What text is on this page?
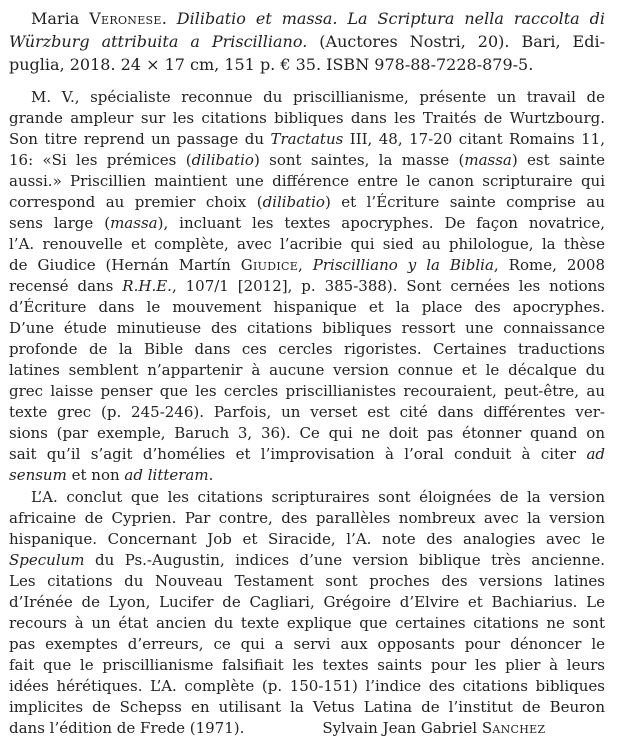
Maria Veronese. Dilibatio et massa. La Scriptura nella raccolta di
Würzburg attribuita a Priscilliano. (Auctores Nostri, 20). Bari, Edi-
puglia, 2018. 24 × 17 cm, 151 p. € 35. ISBN 978-88-7228-879-5.
M. V., spécialiste reconnue du priscillianisme, présente un travail de
grande ampleur sur les citations bibliques dans les Traités de Wurtzbourg.
Son titre reprend un passage du Tractatus III, 48, 17-20 citant Romains 11,
16: «Si les prémices (dilibatio) sont saintes, la masse (massa) est sainte
aussi.» Priscillien maintient une différence entre le canon scripturaire qui
correspond au premier choix (dilibatio) et l’Écriture sainte comprise au
sens large (massa), incluant les textes apocryphes. De façon novatrice,
l’A. renouvelle et complète, avec l’acribie qui sied au philologue, la thèse
de Giudice (Hernán Martín Giudice, Priscilliano y la Biblia, Rome, 2008
recensé dans R.H.E., 107/1 [2012], p. 385-388). Sont cernées les notions
d’Écriture dans le mouvement hispanique et la place des apocryphes.
D’une étude minutieuse des citations bibliques ressort une connaissance
profonde de la Bible dans ces cercles rigoristes. Certaines traductions
latines semblent n’appartenir à aucune version connue et le décalque du
grec laisse penser que les cercles priscillianistes recouraient, peut-être, au
texte grec (p. 245-246). Parfois, un verset est cité dans différentes ver-
sions (par exemple, Baruch 3, 36). Ce qui ne doit pas étonner quand on
sait qu’il s’agit d’homélies et l’improvisation à l’oral conduit à citer ad
sensum et non ad litteram.
L’A. conclut que les citations scripturaires sont éloignées de la version
africaine de Cyprien. Par contre, des parallèles nombreux avec la version
hispanique. Concernant Job et Siracide, l’A. note des analogies avec le
Speculum du Ps.-Augustin, indices d’une version biblique très ancienne.
Les citations du Nouveau Testament sont proches des versions latines
d’Irénée de Lyon, Lucifer de Cagliari, Grégoire d’Elvire et Bachiarius. Le
recours à un état ancien du texte explique que certaines citations ne sont
pas exemptes d’erreurs, ce qui a servi aux opposants pour dénoncer le
fait que le priscillianisme falsifiait les textes saints pour les plier à leurs
idées hérétiques. L’A. complète (p. 150-151) l’indice des citations bibliques
implicites de Schepss en utilisant la Vetus Latina de l’institut de Beuron
dans l’édition de Frede (1971).	Sylvain Jean Gabriel Sanchez
